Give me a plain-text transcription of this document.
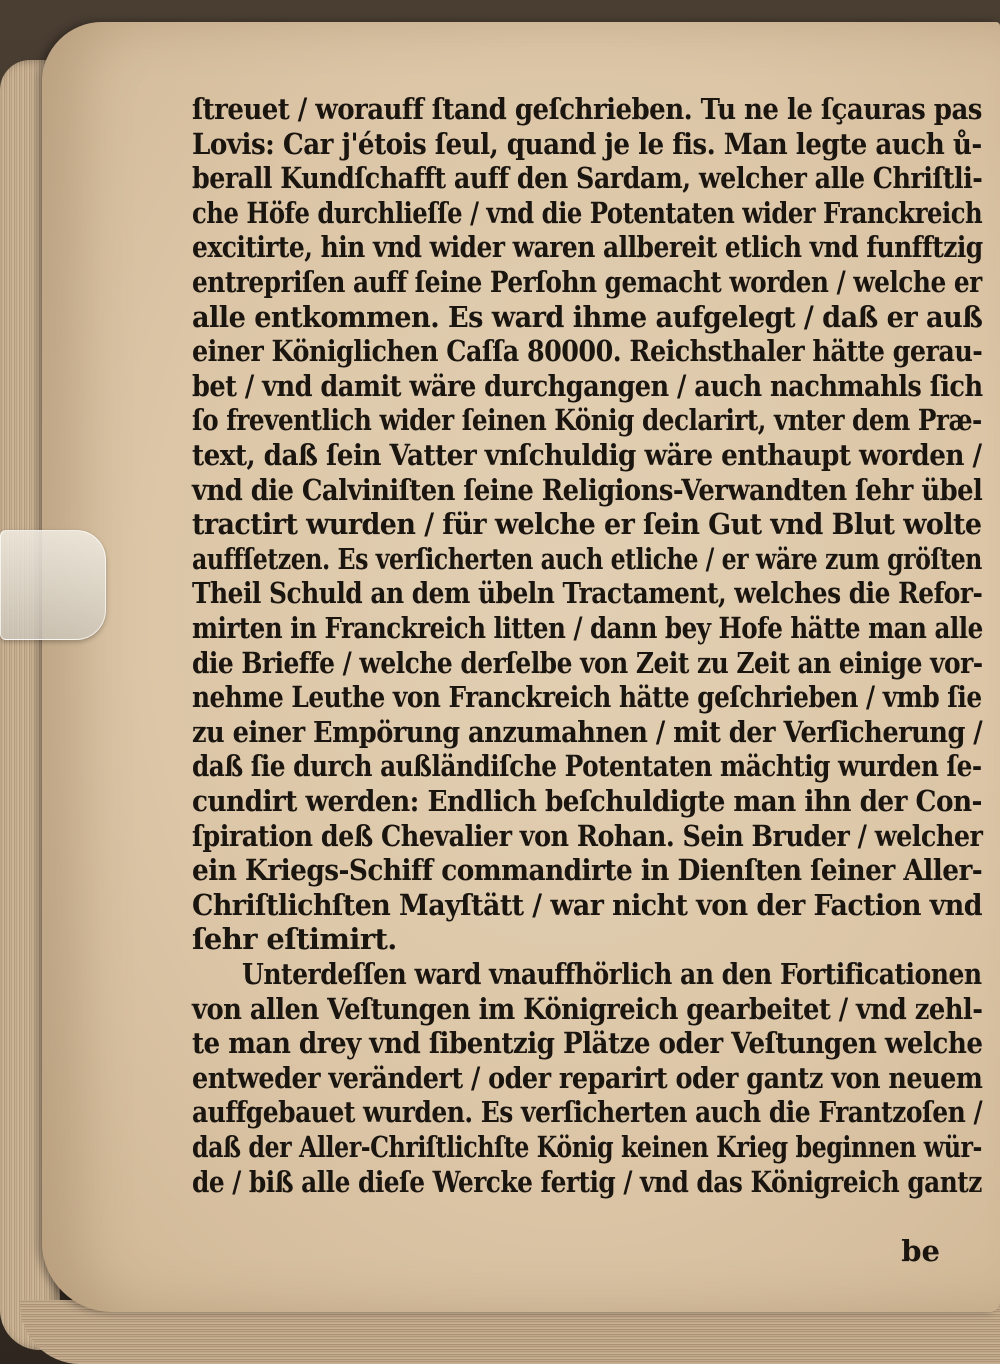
ſtreuet / worauff ſtand geſchrieben. Tu ne le ſçauras pas
Lovis: Car j'étois ſeul, quand je le fis. Man legte auch ů-
berall Kundſchafft auff den Sardam, welcher alle Chriſtli-
che Höfe durchlieſſe / vnd die Potentaten wider Franckreich
excitirte, hin vnd wider waren allbereit etlich vnd funfftzig
entrepriſen auff ſeine Perſohn gemacht worden / welche er
alle entkommen. Es ward ihme aufgelegt / daß er auß
einer Königlichen Caſſa 80000. Reichsthaler hätte gerau-
bet / vnd damit wäre durchgangen / auch nachmahls ſich
ſo freventlich wider ſeinen König declarirt, vnter dem Præ-
text, daß ſein Vatter vnſchuldig wäre enthaupt worden /
vnd die Calviniſten ſeine Religions-Verwandten ſehr übel
tractirt wurden / für welche er ſein Gut vnd Blut wolte
auffſetzen. Es verſicherten auch etliche / er wäre zum gröſten
Theil Schuld an dem übeln Tractament, welches die Refor-
mirten in Franckreich litten / dann bey Hofe hätte man alle
die Brieffe / welche derſelbe von Zeit zu Zeit an einige vor-
nehme Leuthe von Franckreich hätte geſchrieben / vmb ſie
zu einer Empörung anzumahnen / mit der Verſicherung /
daß ſie durch außländiſche Potentaten mächtig wurden ſe-
cundirt werden: Endlich beſchuldigte man ihn der Con-
ſpiration deß Chevalier von Rohan. Sein Bruder / welcher
ein Kriegs-Schiff commandirte in Dienſten ſeiner Aller-
Chriſtlichſten Mayſtätt / war nicht von der Faction vnd
ſehr eſtimirt.
Unterdeſſen ward vnauffhörlich an den Fortificationen
von allen Veſtungen im Königreich gearbeitet / vnd zehl-
te man drey vnd ſibentzig Plätze oder Veſtungen welche
entweder verändert / oder reparirt oder gantz von neuem
auffgebauet wurden. Es verſicherten auch die Frantzoſen /
daß der Aller-Chriſtlichſte König keinen Krieg beginnen wür-
de / biß alle dieſe Wercke fertig / vnd das Königreich gantz
be
